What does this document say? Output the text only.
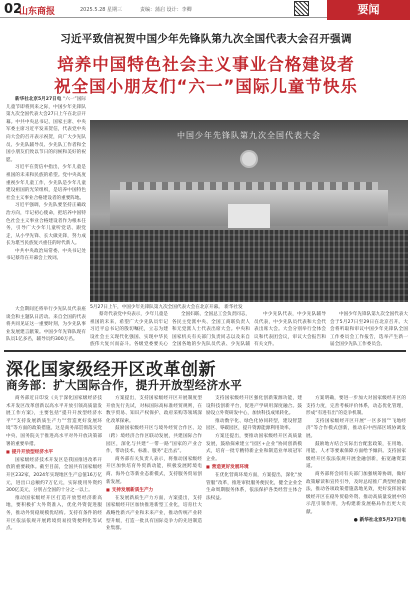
02
山东商报	2025.5.28 星期三	责编：蒲启 设计：李卿	要闻
习近平致信祝贺中国少年先锋队第九次全国代表大会召开强调
培养中国特色社会主义事业合格建设者
祝全国小朋友们“六一”国际儿童节快乐

新华社北京5月27日电 “六一”国际儿童节即将到来之际，中国少年先锋队第九次全国代表大会27日上午在北京开幕。中共中央总书记、国家主席、中央军委主席习近平发来贺信，代表党中央向大会的召开表示祝贺，向广大少先队员、少先队辅导员、少先队工作者和全国小朋友们致以节日的问候和美好的祝愿。

习近平在贺信中指出，少年儿童是祖国的未来和民族的希望。党中央高度重视少年儿童工作，少先队是少年儿童建设祖国的光荣组织，是培养中国特色社会主义事业合格建设者的重要阵地。

习近平强调，少先队要坚持正确政治方向，牢记初心使命，把培养中国特色社会主义事业合格建设者作为根本任务，引导广大少年儿童听党话、跟党走，从小学先锋、长大做先锋，努力成长为堪当民族复兴重任的时代新人。

中共中央政治局常委、中央书记处书记蔡奇在开幕会上致词。

中国少年先锋队第九次全国代表大会
5月27日上午，中国少年先锋队第九次全国代表大会在北京开幕。 新华社发

大会期间还将举行少先队员代表座谈会和主题队日活动。来自全国的代表将共同见证这一重要时刻，为少先队事业发展建言献策。中国少年先锋队现有队员1亿多名，辅导员约300万名。

蔡奇代表党中央表示，少年儿童是祖国的未来，希望广大少先队员牢记习近平总书记的殷切嘱托，立志为建设社会主义现代化强国、实现中华民族伟大复兴而奋斗。各级党委要关心

全国妇联、全国总工会负责同志，各民主党派中央、全国工商联负责人和无党派人士代表出席大会。中央和国家机关有关部门负责同志以及来自全国各地的少先队员代表、少先队辅

中少先队代表，中少先队辅导员代表，中少先队员代表和大会代表出席大会。大会分别举行全体会议和代表团会议，审议大会报告和有关文件。

中国少年先锋队第九次全国代表大会于5月27日至29日在北京召开。大会将听取和审议中国少年先锋队全国工作委员会工作报告，选举产生新一届全国少先队工作委员会。

深化国家级经开区改革创新
商务部：扩大国际合作，提升开放型经济水平

商务部近日印发《关于深化国家级经济技术开发区改革创新以高水平开放引领高质量发展工作方案》，主要包括“提升开放型经济水平”“支持发展新质生产力”“营造更好发展环境”等方面的政策措施。这是商务部贯彻落实党中央、国务院关于推进高水平对外开放决策部署的重要举措。

■ 提升开放型经济水平

国家级经济技术开发区是我国推进改革开放的重要载体。截至目前，全国共有国家级经开区232家，2024年实现地区生产总值16万亿元，进出口总额约7万亿元，实际使用外资约300亿美元，分别占全国的十分之一以上。

推动国家级经开区打造开放型经济新高地，要积极扩大外资准入，优化外资促进服务，推动外贸稳规模优结构。支持有条件的经开区依法依规开展跨境贸易投资便利化等试点。

方案提出，支持国家级经开区开展制度型开放先行先试，对标国际高标准经贸规则，在数字贸易、知识产权保护、政府采购等领域深化改革探索。

鼓励国家级经开区与境外经贸合作区、边（跨）境经济合作区联动发展，共建国际合作园区，深化与共建“一带一路”国家的产业合作，带动技术、标准、服务“走出去”。

商务部有关负责人表示，将推动国家级经开区加快培育外贸新动能，积极发展跨境电商、海外仓等新业态新模式，支持服务贸易创新发展。

■ 支持发展新质生产力

在发展新质生产力方面，方案提出，支持国家级经开区加快推进新型工业化，培育壮大战略性新兴产业和未来产业，推动传统产业转型升级，打造一批具有国际竞争力的先进制造业集群。

支持国家级经开区强化创新策源功能，建设科技创新平台，促进产学研用深度融合。鼓励设立外资研发中心，加快科技成果转化。

推动数字化、绿色化协同转型，建设智慧园区、零碳园区，提升资源能源利用效率。

方案还提出，要推动国家级经开区高质量发展，鼓励探索建立“园区+企业”协同创新模式，培育一批专精特新企业和制造业单项冠军企业。

■ 营造更好发展环境

在优化营商环境方面，方案提出，深化“放管服”改革，推进审批服务便民化，健全企业全生命周期服务体系，依法保护各类经营主体合法权益。

方案明确，要进一步加大对国家级经开区的支持力度，完善考核评价体系，动态优化管理，形成“有进有出”的竞争机制。

支持国家级经开区开展“一区多园”“飞地经济”等合作模式创新，推动东中西部区域协调发展。

鼓励地方结合实际出台配套政策，在用地、用能、人才等要素保障方面给予倾斜。支持国家级经开区依法依规开展金融创新，拓宽融资渠道。

商务部将会同有关部门加强统筹协调，做好政策解读和宣传引导，及时总结推广典型经验做法，推动各项政策措施落地见效，更好发挥国家级经开区在稳外贸稳外资、推动高质量发展中的示范引领作用，为构建新发展格局作出更大贡献。

● 新华社北京5月27日电
